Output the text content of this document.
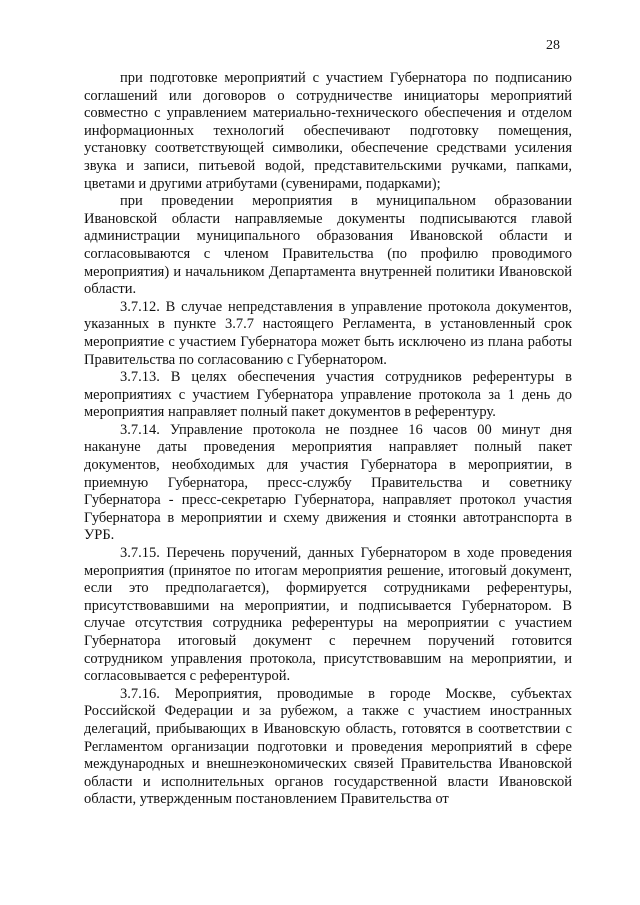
28

при подготовке мероприятий с участием Губернатора по подписанию соглашений или договоров о сотрудничестве инициаторы мероприятий совместно с управлением материально-технического обеспечения и отделом информационных технологий обеспечивают подготовку помещения, установку соответствующей символики, обеспечение средствами усиления звука и записи, питьевой водой, представительскими ручками, папками, цветами и другими атрибутами (сувенирами, подарками);

при проведении мероприятия в муниципальном образовании Ивановской области направляемые документы подписываются главой администрации муниципального образования Ивановской области и согласовываются с членом Правительства (по профилю проводимого мероприятия) и начальником Департамента внутренней политики Ивановской области.

3.7.12. В случае непредставления в управление протокола документов, указанных в пункте 3.7.7 настоящего Регламента, в установленный срок мероприятие с участием Губернатора может быть исключено из плана работы Правительства по согласованию с Губернатором.

3.7.13. В целях обеспечения участия сотрудников референтуры в мероприятиях с участием Губернатора управление протокола за 1 день до мероприятия направляет полный пакет документов в референтуру.

3.7.14. Управление протокола не позднее 16 часов 00 минут дня накануне даты проведения мероприятия направляет полный пакет документов, необходимых для участия Губернатора в мероприятии, в приемную Губернатора, пресс-службу Правительства и советнику Губернатора - пресс-секретарю Губернатора, направляет протокол участия Губернатора в мероприятии и схему движения и стоянки автотранспорта в УРБ.

3.7.15. Перечень поручений, данных Губернатором в ходе проведения мероприятия (принятое по итогам мероприятия решение, итоговый документ, если это предполагается), формируется сотрудниками референтуры, присутствовавшими на мероприятии, и подписывается Губернатором. В случае отсутствия сотрудника референтуры на мероприятии с участием Губернатора итоговый документ с перечнем поручений готовится сотрудником управления протокола, присутствовавшим на мероприятии, и согласовывается с референтурой.

3.7.16. Мероприятия, проводимые в городе Москве, субъектах Российской Федерации и за рубежом, а также с участием иностранных делегаций, прибывающих в Ивановскую область, готовятся в соответствии с Регламентом организации подготовки и проведения мероприятий в сфере международных и внешнеэкономических связей Правительства Ивановской области и исполнительных органов государственной власти Ивановской области, утвержденным постановлением Правительства от
